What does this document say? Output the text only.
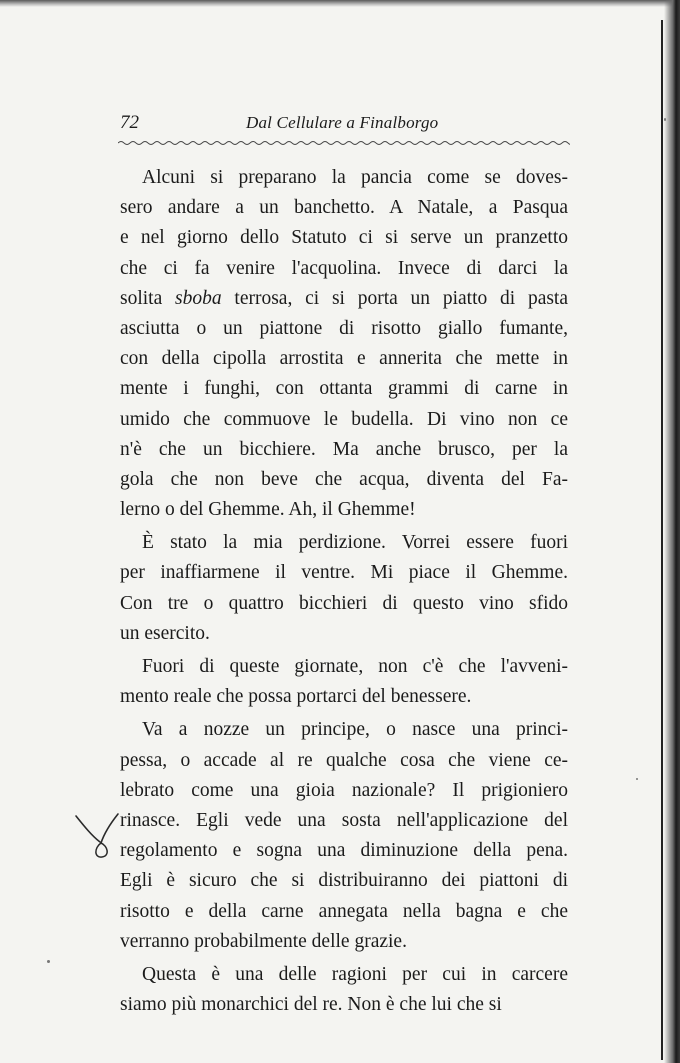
72	Dal Cellulare a Finalborgo
Alcuni si preparano la pancia come se doves-
sero andare a un banchetto. A Natale, a Pasqua
e nel giorno dello Statuto ci si serve un pranzetto
che ci fa venire l'acquolina. Invece di darci la
solita sboba terrosa, ci si porta un piatto di pasta
asciutta o un piattone di risotto giallo fumante,
con della cipolla arrostita e annerita che mette in
mente i funghi, con ottanta grammi di carne in
umido che commuove le budella. Di vino non ce
n'è che un bicchiere. Ma anche brusco, per la
gola che non beve che acqua, diventa del Fa-
lerno o del Ghemme. Ah, il Ghemme!
È stato la mia perdizione. Vorrei essere fuori
per inaffiarmene il ventre. Mi piace il Ghemme.
Con tre o quattro bicchieri di questo vino sfido
un esercito.
Fuori di queste giornate, non c'è che l'avveni-
mento reale che possa portarci del benessere.
Va a nozze un principe, o nasce una princi-
pessa, o accade al re qualche cosa che viene ce-
lebrato come una gioia nazionale? Il prigioniero
rinasce. Egli vede una sosta nell'applicazione del
regolamento e sogna una diminuzione della pena.
Egli è sicuro che si distribuiranno dei piattoni di
risotto e della carne annegata nella bagna e che
verranno probabilmente delle grazie.
Questa è una delle ragioni per cui in carcere
siamo più monarchici del re. Non è che lui che si
